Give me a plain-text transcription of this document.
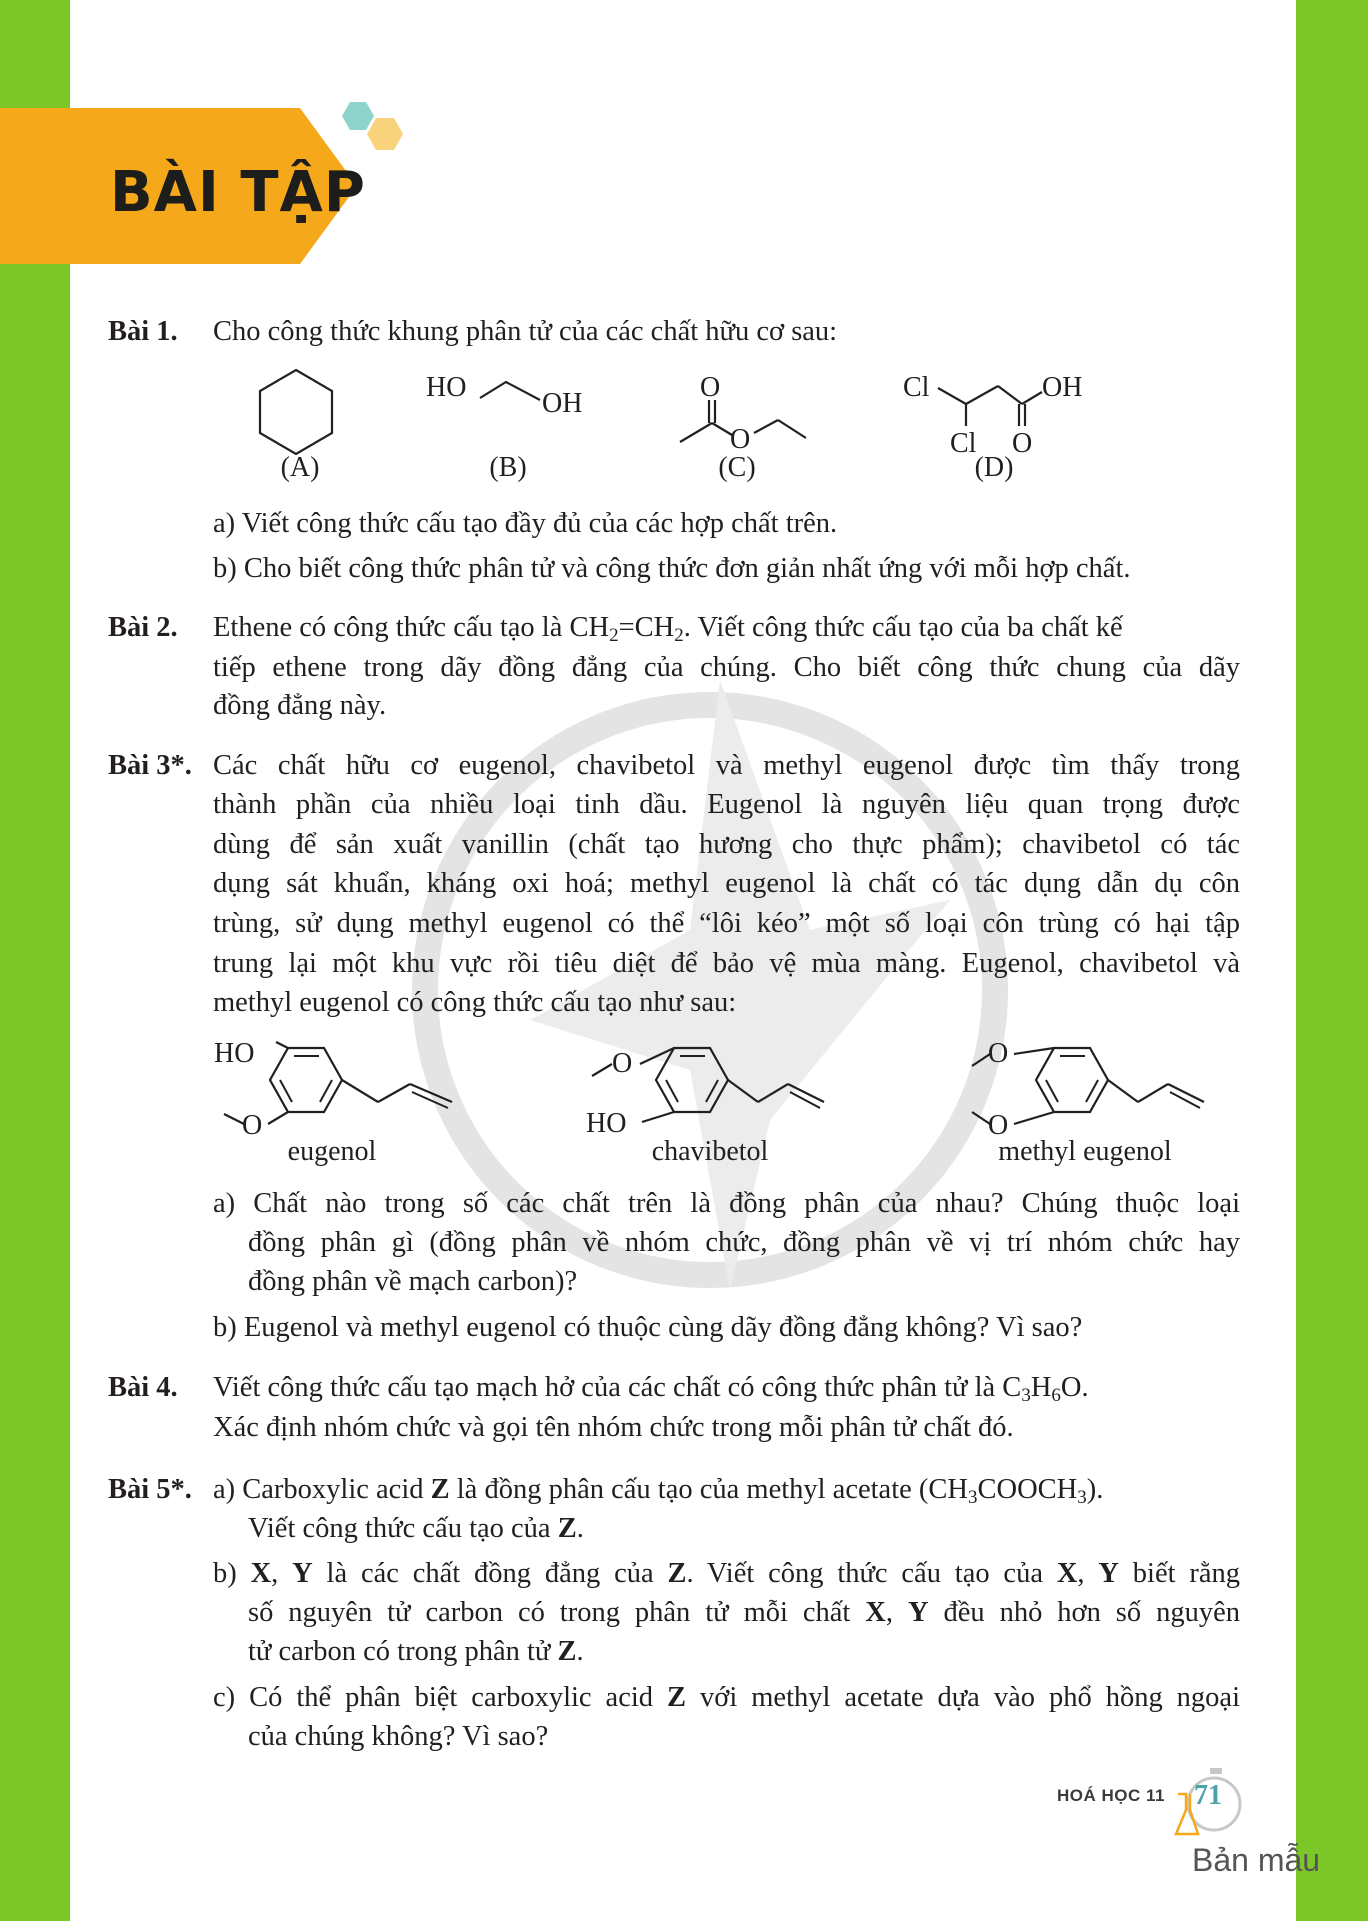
BÀI TẬP
Bài 1. Cho công thức khung phân tử của các chất hữu cơ sau:
(A)
HO
OH
(B)
O
O
(C)
Cl	OH
Cl O
(D)
a) Viết công thức cấu tạo đầy đủ của các hợp chất trên.
b) Cho biết công thức phân tử và công thức đơn giản nhất ứng với mỗi hợp chất.
Bài 2. Ethene có công thức cấu tạo là $CH_2=CH_2$. Viết công thức cấu tạo của ba chất kế
tiếp ethene trong dãy đồng đẳng của chúng. Cho biết công thức chung của dãy
đồng đẳng này.
Bài 3*. Các chất hữu cơ eugenol, chavibetol và methyl eugenol được tìm thấy trong
thành phần của nhiều loại tinh dầu. Eugenol là nguyên liệu quan trọng được
dùng để sản xuất vanillin (chất tạo hương cho thực phẩm); chavibetol có tác
dụng sát khuẩn, kháng oxi hoá; methyl eugenol là chất có tác dụng dẫn dụ côn
trùng, sử dụng methyl eugenol có thể “lôi kéo” một số loại côn trùng có hại tập
trung lại một khu vực rồi tiêu diệt để bảo vệ mùa màng. Eugenol, chavibetol và
methyl eugenol có công thức cấu tạo như sau:
HO
O
eugenol
O
HO
chavibetol
O
O
methyl eugenol
a) Chất nào trong số các chất trên là đồng phân của nhau? Chúng thuộc loại
đồng phân gì (đồng phân về nhóm chức, đồng phân về vị trí nhóm chức hay
đồng phân về mạch carbon)?
b) Eugenol và methyl eugenol có thuộc cùng dãy đồng đẳng không? Vì sao?
Bài 4. Viết công thức cấu tạo mạch hở của các chất có công thức phân tử là $C_3H_6O$.
Xác định nhóm chức và gọi tên nhóm chức trong mỗi phân tử chất đó.
Bài 5*. a) Carboxylic acid Z là đồng phân cấu tạo của methyl acetate $(CH_3COOCH_3)$.
Viết công thức cấu tạo của Z.
b) X, Y là các chất đồng đẳng của Z. Viết công thức cấu tạo của X, Y biết rằng
số nguyên tử carbon có trong phân tử mỗi chất X, Y đều nhỏ hơn số nguyên
tử carbon có trong phân tử Z.
c) Có thể phân biệt carboxylic acid Z với methyl acetate dựa vào phổ hồng ngoại
của chúng không? Vì sao?
HOÁ HỌC 11	71
Bản mẫu
